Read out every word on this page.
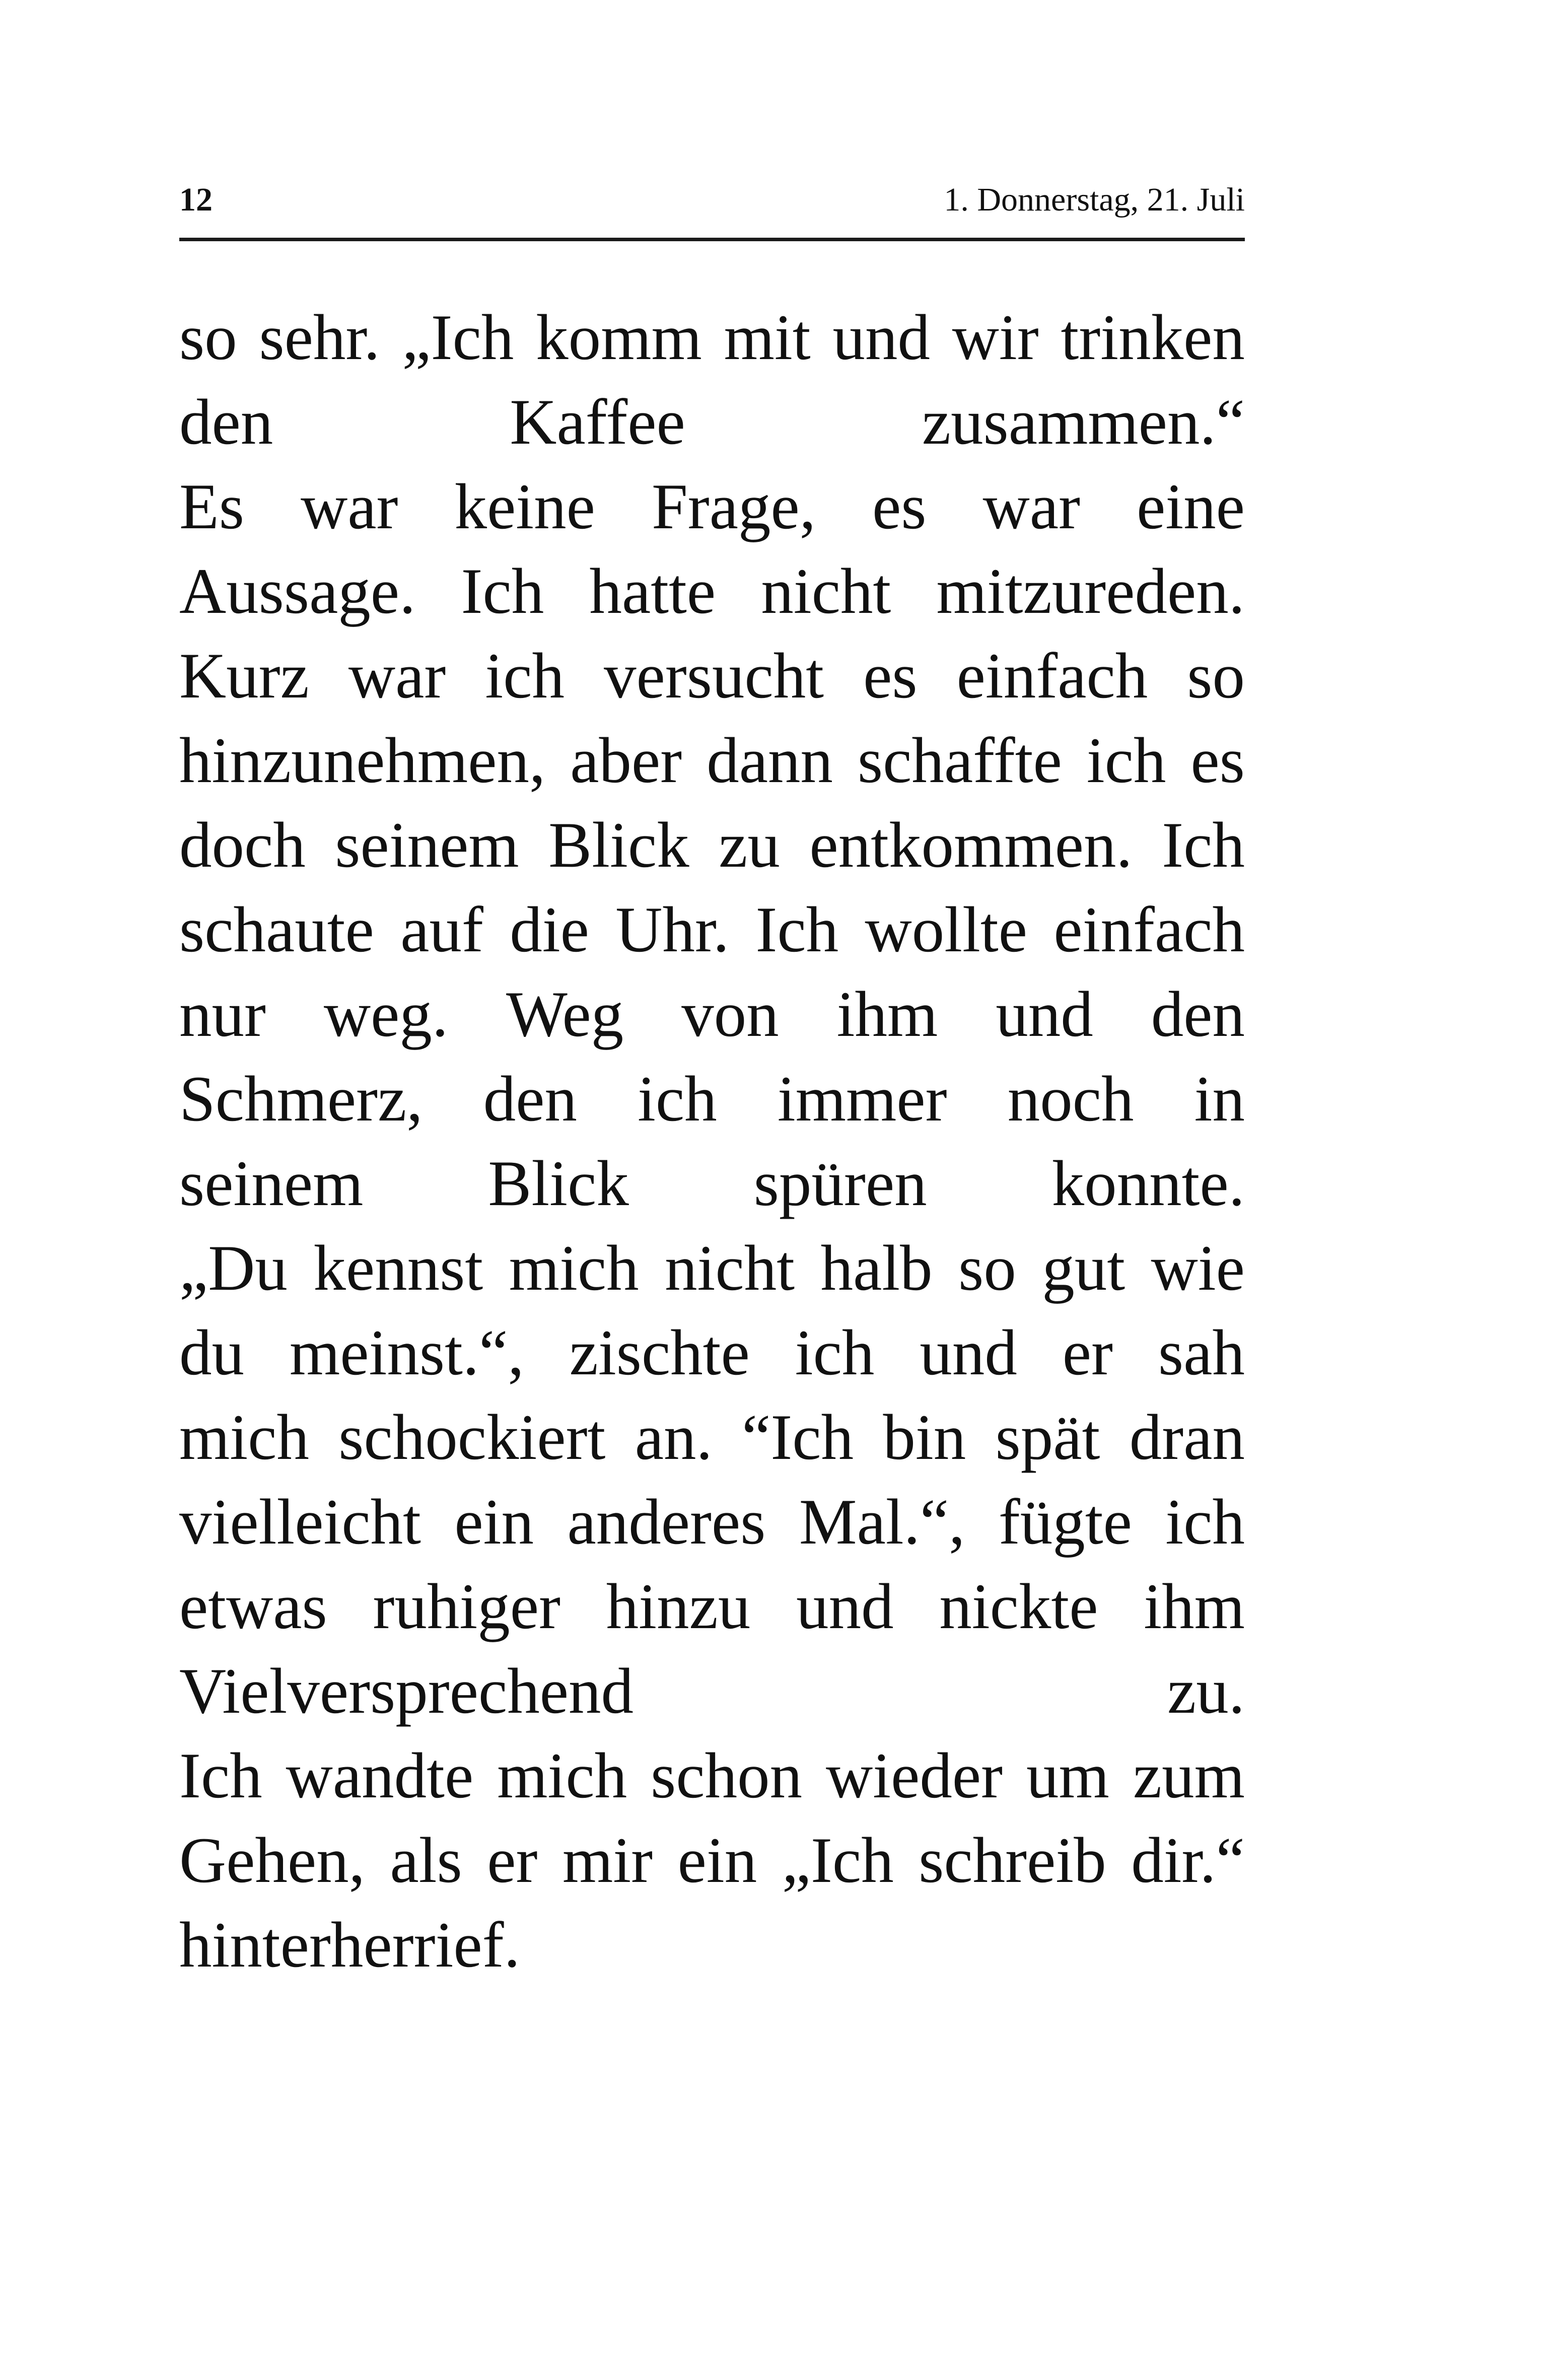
12	1. Donnerstag, 21. Juli
so sehr. „Ich komm mit und wir trinken
den	Kaffee	zusammen.“
Es war keine Frage, es war eine
Aussage. Ich hatte nicht mitzureden.
Kurz war ich versucht es einfach so
hinzunehmen, aber dann schaffte ich es
doch seinem Blick zu entkommen. Ich
schaute auf die Uhr. Ich wollte einfach
nur weg. Weg von ihm und den
Schmerz, den ich immer noch in
seinem Blick spüren konnte.
„Du kennst mich nicht halb so gut wie
du meinst.“, zischte ich und er sah
mich schockiert an. “Ich bin spät dran
vielleicht ein anderes Mal.“, fügte ich
etwas ruhiger hinzu und nickte ihm
Vielversprechend	zu.
Ich wandte mich schon wieder um zum
Gehen, als er mir ein „Ich schreib dir.“
hinterherrief.
